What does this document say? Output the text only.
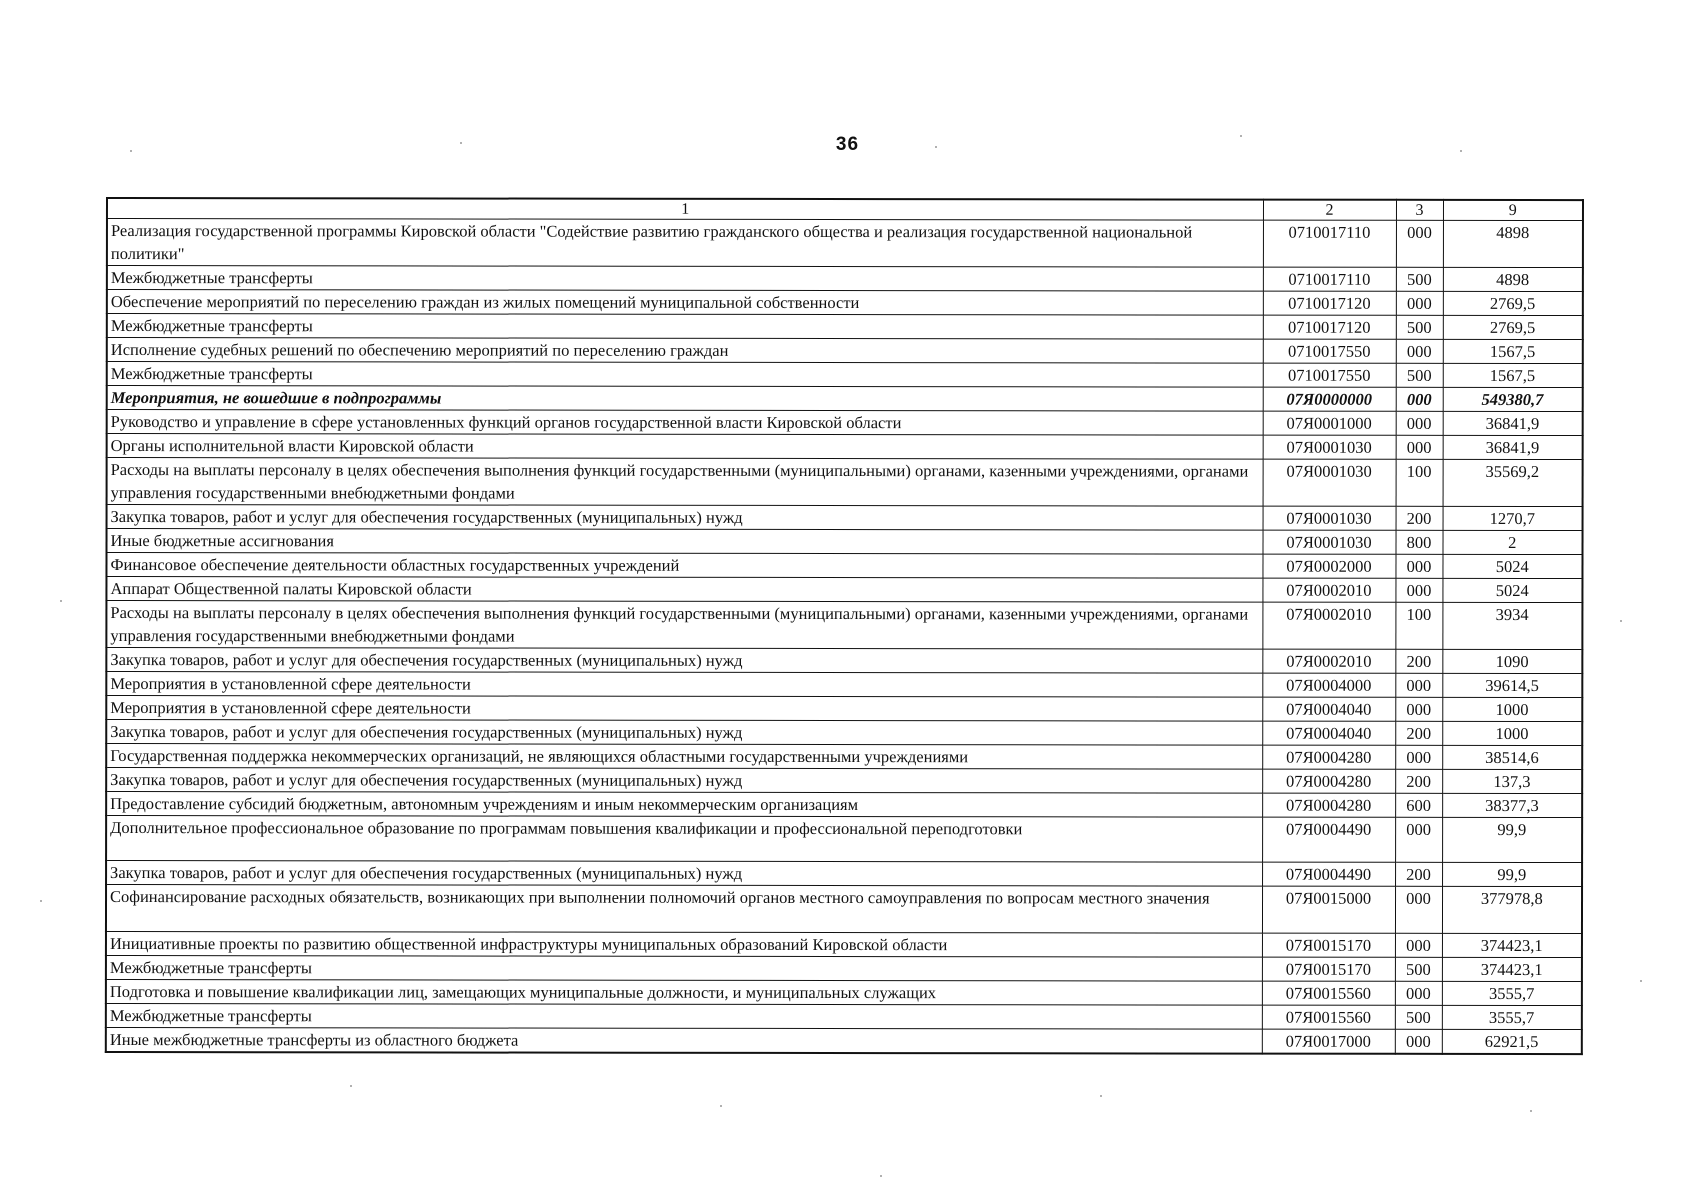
36
1	2	3	9
Реализация государственной программы Кировской области "Содействие развитию гражданского общества и реализация государственной национальной политики"	0710017110	000	4898
Межбюджетные трансферты	0710017110	500	4898
Обеспечение мероприятий по переселению граждан из жилых помещений муниципальной собственности	0710017120	000	2769,5
Межбюджетные трансферты	0710017120	500	2769,5
Исполнение судебных решений по обеспечению мероприятий по переселению граждан	0710017550	000	1567,5
Межбюджетные трансферты	0710017550	500	1567,5
Мероприятия, не вошедшие в подпрограммы	07Я0000000	000	549380,7
Руководство и управление в сфере установленных функций органов государственной власти Кировской области	07Я0001000	000	36841,9
Органы исполнительной власти Кировской области	07Я0001030	000	36841,9
Расходы на выплаты персоналу в целях обеспечения выполнения функций государственными (муниципальными) органами, казенными учреждениями, органами управления государственными внебюджетными фондами	07Я0001030	100	35569,2
Закупка товаров, работ и услуг для обеспечения государственных (муниципальных) нужд	07Я0001030	200	1270,7
Иные бюджетные ассигнования	07Я0001030	800	2
Финансовое обеспечение деятельности областных государственных учреждений	07Я0002000	000	5024
Аппарат Общественной палаты Кировской области	07Я0002010	000	5024
Расходы на выплаты персоналу в целях обеспечения выполнения функций государственными (муниципальными) органами, казенными учреждениями, органами управления государственными внебюджетными фондами	07Я0002010	100	3934
Закупка товаров, работ и услуг для обеспечения государственных (муниципальных) нужд	07Я0002010	200	1090
Мероприятия в установленной сфере деятельности	07Я0004000	000	39614,5
Мероприятия в установленной сфере деятельности	07Я0004040	000	1000
Закупка товаров, работ и услуг для обеспечения государственных (муниципальных) нужд	07Я0004040	200	1000
Государственная поддержка некоммерческих организаций, не являющихся областными государственными учреждениями	07Я0004280	000	38514,6
Закупка товаров, работ и услуг для обеспечения государственных (муниципальных) нужд	07Я0004280	200	137,3
Предоставление субсидий бюджетным, автономным учреждениям и иным некоммерческим организациям	07Я0004280	600	38377,3
Дополнительное профессиональное образование по программам повышения квалификации и профессиональной переподготовки	07Я0004490	000	99,9
Закупка товаров, работ и услуг для обеспечения государственных (муниципальных) нужд	07Я0004490	200	99,9
Софинансирование расходных обязательств, возникающих при выполнении полномочий органов местного самоуправления по вопросам местного значения	07Я0015000	000	377978,8
Инициативные проекты по развитию общественной инфраструктуры муниципальных образований Кировской области	07Я0015170	000	374423,1
Межбюджетные трансферты	07Я0015170	500	374423,1
Подготовка и повышение квалификации лиц, замещающих муниципальные должности, и муниципальных служащих	07Я0015560	000	3555,7
Межбюджетные трансферты	07Я0015560	500	3555,7
Иные межбюджетные трансферты из областного бюджета	07Я0017000	000	62921,5
